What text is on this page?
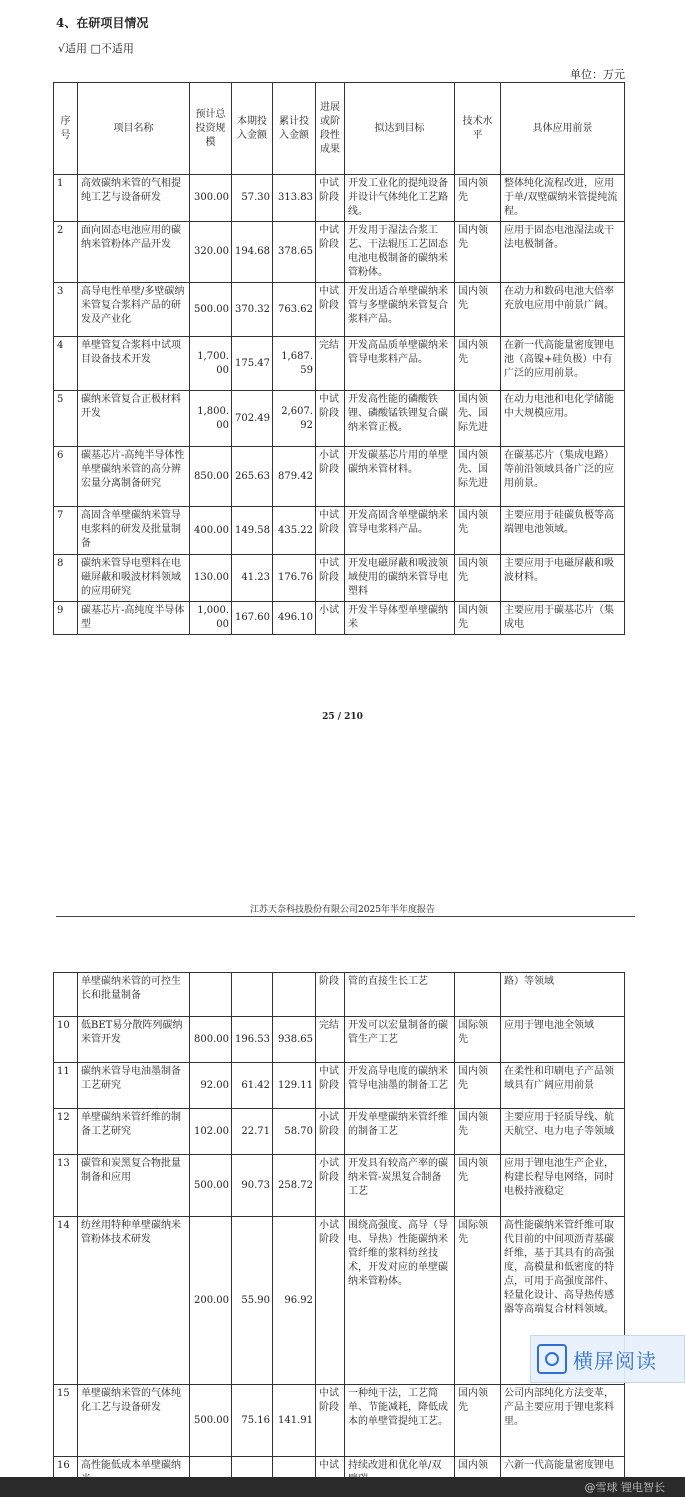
4、在研项目情况
√适用 □不适用
单位：万元
序号	项目名称	预计总投资规模	本期投入金额	累计投入金额	进展或阶段性成果	拟达到目标	技术水平	具体应用前景
1	高效碳纳米管的气相提纯工艺与设备研发	300.00	57.30	313.83	中试阶段	开发工业化的提纯设备并设计气体纯化工艺路线。	国内领先	整体纯化流程改进，应用于单/双壁碳纳米管提纯流程。
2	面向固态电池应用的碳纳米管粉体产品开发	320.00	194.68	378.65	中试阶段	开发用于湿法合浆工艺、干法辊压工艺固态电池电极制备的碳纳米管粉体。	国内领先	应用于固态电池湿法或干法电极制备。
3	高导电性单壁/多壁碳纳米管复合浆料产品的研发及产业化	500.00	370.32	763.62	中试阶段	开发出适合单壁碳纳米管与多壁碳纳米管复合浆料产品。	国内领先	在动力和数码电池大倍率充放电应用中前景广阔。
4	单壁管复合浆料中试项目设备技术开发	1,700.00	175.47	1,687.59	完结	开发高品质单壁碳纳米管导电浆料产品。	国内领先	在新一代高能量密度锂电池（高镍+硅负极）中有广泛的应用前景。
5	碳纳米管复合正极材料开发	1,800.00	702.49	2,607.92	中试阶段	开发高性能的磷酸铁锂、磷酸锰铁锂复合碳纳米管正极。	国内领先、国际先进	在动力电池和电化学储能中大规模应用。
6	碳基芯片-高纯半导体性单壁碳纳米管的高分辨宏量分离制备研究	850.00	265.63	879.42	小试阶段	开发碳基芯片用的单壁碳纳米管材料。	国内领先、国际先进	在碳基芯片（集成电路）等前沿领域具备广泛的应用前景。
7	高固含单壁碳纳米管导电浆料的研发及批量制备	400.00	149.58	435.22	中试阶段	开发高固含单壁碳纳米管导电浆料产品。	国内领先	主要应用于硅碳负极等高端锂电池领域。
8	碳纳米管导电塑料在电磁屏蔽和吸波材料领域的应用研究	130.00	41.23	176.76	中试阶段	开发电磁屏蔽和吸波领域使用的碳纳米管导电塑料	国内领先	主要应用于电磁屏蔽和吸波材料。
9	碳基芯片-高纯度半导体型	1,000.00	167.60	496.10	小试	开发半导体型单壁碳纳米	国内领先	主要应用于碳基芯片（集成电
25 / 210
江苏天奈科技股份有限公司2025年半年度报告
	单壁碳纳米管的可控生长和批量制备				阶段	管的直接生长工艺		路）等领域
10	低BET易分散阵列碳纳米管开发	800.00	196.53	938.65	完结	开发可以宏量制备的碳管生产工艺	国际领先	应用于锂电池全领域
11	碳纳米管导电油墨制备工艺研究	92.00	61.42	129.11	中试阶段	开发高导电度的碳纳米管导电油墨的制备工艺	国内领先	在柔性和印刷电子产品领域具有广阔应用前景
12	单壁碳纳米管纤维的制备工艺研究	102.00	22.71	58.70	小试阶段	开发单壁碳纳米管纤维的制备工艺	国内领先	主要应用于轻质导线、航天航空、电力电子等领域
13	碳管和炭黑复合物批量制备和应用	500.00	90.73	258.72	小试阶段	开发具有较高产率的碳纳米管-炭黑复合制备工艺	国内领先	应用于锂电池生产企业，构建长程导电网络，同时电极持液稳定
14	纺丝用特种单壁碳纳米管粉体技术研发	200.00	55.90	96.92	小试阶段	围绕高强度、高导（导电、导热）性能碳纳米管纤维的浆料纺丝技术，开发对应的单壁碳纳米管粉体。	国际领先	高性能碳纳米管纤维可取代目前的中间项沥青基碳纤维，基于其具有的高强度，高模量和低密度的特点，可用于高强度部件、轻量化设计、高导热传感器等高端复合材料领域。
15	单壁碳纳米管的气体纯化工艺与设备研发	500.00	75.16	141.91	中试阶段	一种纯干法，工艺简单、节能减耗，降低成本的单壁管提纯工艺。	国内领先	公司内部纯化方法变革，产品主要应用于锂电浆料里。
16	高性能低成本单壁碳纳				中试	持续改进和优化单/双	国内领	六新一代高能量密度锂电
横屏阅读
@雪球 锂电智长
